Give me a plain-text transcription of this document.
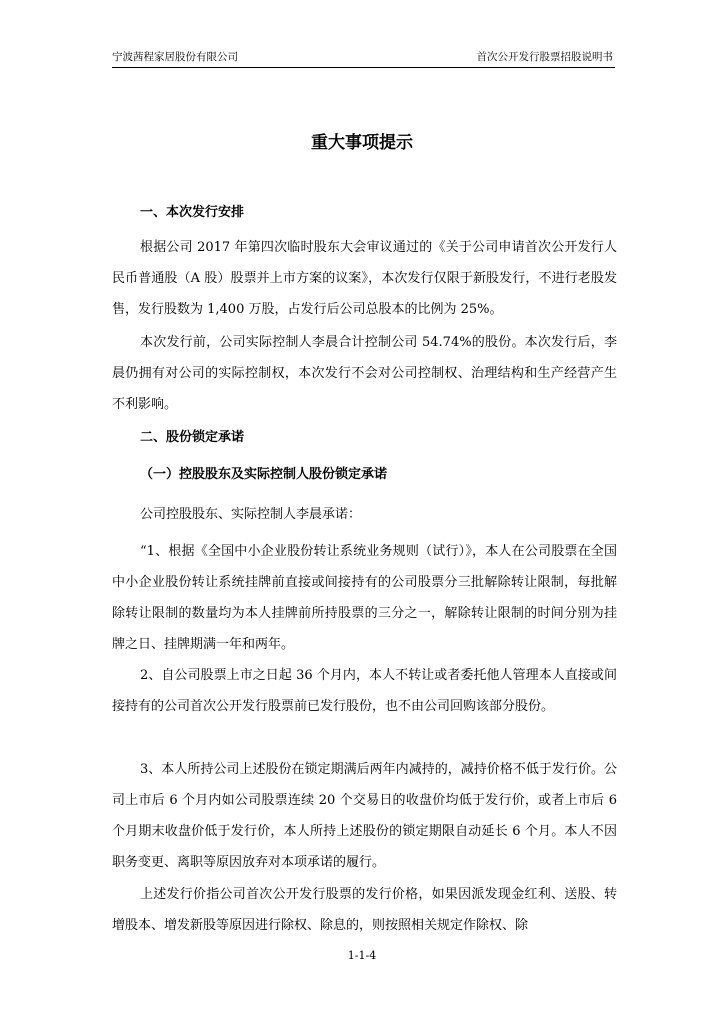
宁波茜程家居股份有限公司	首次公开发行股票招股说明书
重大事项提示
一、本次发行安排
根据公司 2017 年第四次临时股东大会审议通过的《关于公司申请首次公开发行人民币普通股（A 股）股票并上市方案的议案》，本次发行仅限于新股发行，不进行老股发售，发行股数为 1,400 万股，占发行后公司总股本的比例为 25%。
本次发行前，公司实际控制人李晨合计控制公司 54.74%的股份。本次发行后，李晨仍拥有对公司的实际控制权，本次发行不会对公司控制权、治理结构和生产经营产生不利影响。
二、股份锁定承诺
（一）控股股东及实际控制人股份锁定承诺
公司控股股东、实际控制人李晨承诺：
“1、根据《全国中小企业股份转让系统业务规则（试行）》，本人在公司股票在全国中小企业股份转让系统挂牌前直接或间接持有的公司股票分三批解除转让限制，每批解除转让限制的数量均为本人挂牌前所持股票的三分之一，解除转让限制的时间分别为挂牌之日、挂牌期满一年和两年。
2、自公司股票上市之日起 36 个月内，本人不转让或者委托他人管理本人直接或间接持有的公司首次公开发行股票前已发行股份，也不由公司回购该部分股份。
3、本人所持公司上述股份在锁定期满后两年内减持的，减持价格不低于发行价。公司上市后 6 个月内如公司股票连续 20 个交易日的收盘价均低于发行价，或者上市后 6 个月期末收盘价低于发行价，本人所持上述股份的锁定期限自动延长 6 个月。本人不因职务变更、离职等原因放弃对本项承诺的履行。
上述发行价指公司首次公开发行股票的发行价格，如果因派发现金红利、送股、转增股本、增发新股等原因进行除权、除息的，则按照相关规定作除权、除
1-1-4
